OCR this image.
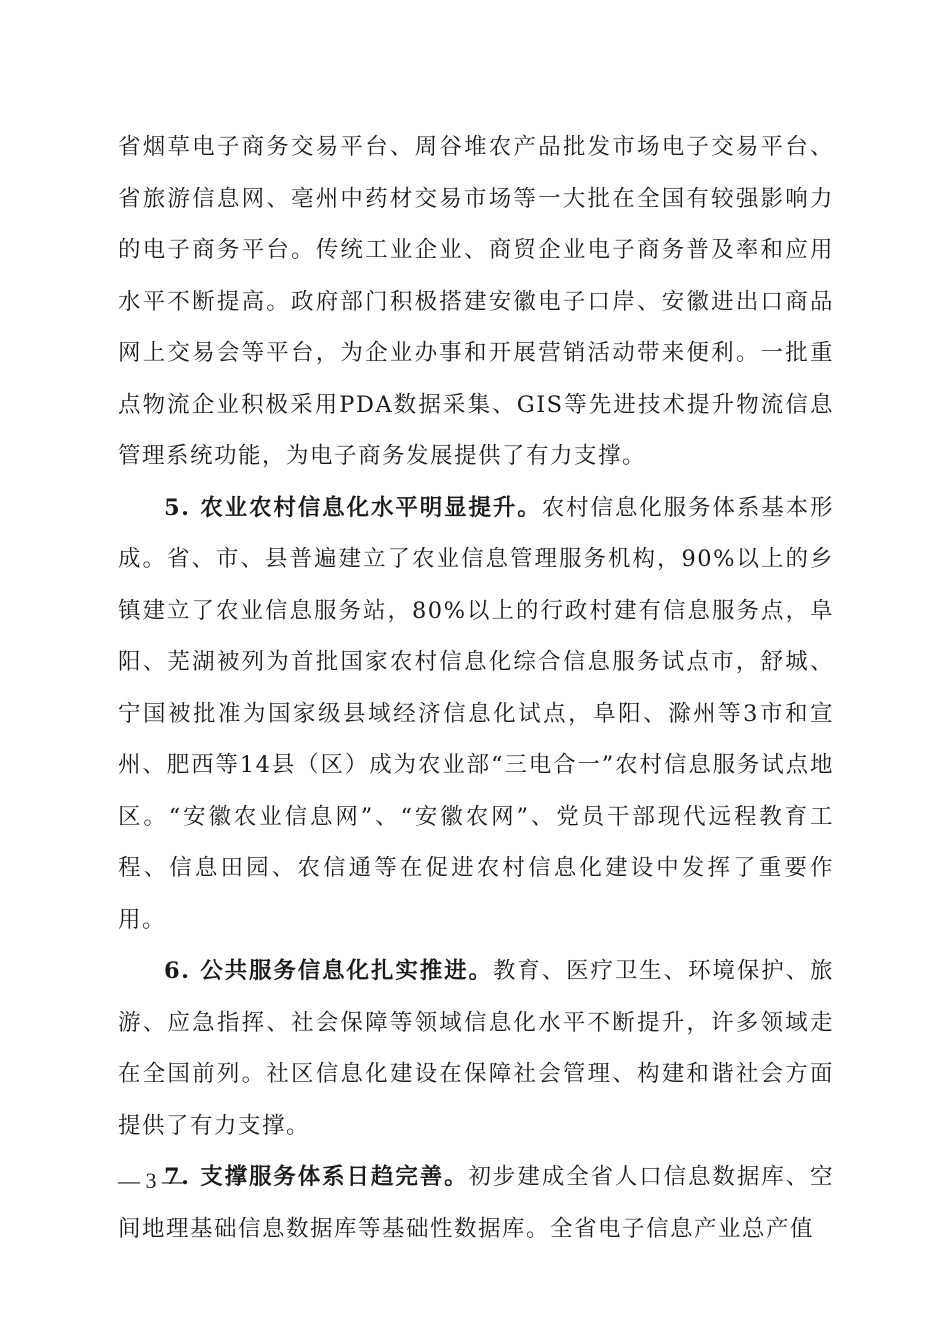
省烟草电子商务交易平台、周谷堆农产品批发市场电子交易平台、省旅游信息网、亳州中药材交易市场等一大批在全国有较强影响力的电子商务平台。传统工业企业、商贸企业电子商务普及率和应用水平不断提高。政府部门积极搭建安徽电子口岸、安徽进出口商品网上交易会等平台，为企业办事和开展营销活动带来便利。一批重点物流企业积极采用PDA数据采集、GIS等先进技术提升物流信息管理系统功能，为电子商务发展提供了有力支撑。

5. 农业农村信息化水平明显提升。农村信息化服务体系基本形成。省、市、县普遍建立了农业信息管理服务机构，90%以上的乡镇建立了农业信息服务站，80%以上的行政村建有信息服务点，阜阳、芜湖被列为首批国家农村信息化综合信息服务试点市，舒城、宁国被批准为国家级县域经济信息化试点，阜阳、滁州等3市和宣州、肥西等14县（区）成为农业部“三电合一”农村信息服务试点地区。“安徽农业信息网”、“安徽农网”、党员干部现代远程教育工程、信息田园、农信通等在促进农村信息化建设中发挥了重要作用。

6. 公共服务信息化扎实推进。教育、医疗卫生、环境保护、旅游、应急指挥、社会保障等领域信息化水平不断提升，许多领域走在全国前列。社区信息化建设在保障社会管理、构建和谐社会方面提供了有力支撑。

7. 支撑服务体系日趋完善。初步建成全省人口信息数据库、空间地理基础信息数据库等基础性数据库。全省电子信息产业总产值

— 3 —
